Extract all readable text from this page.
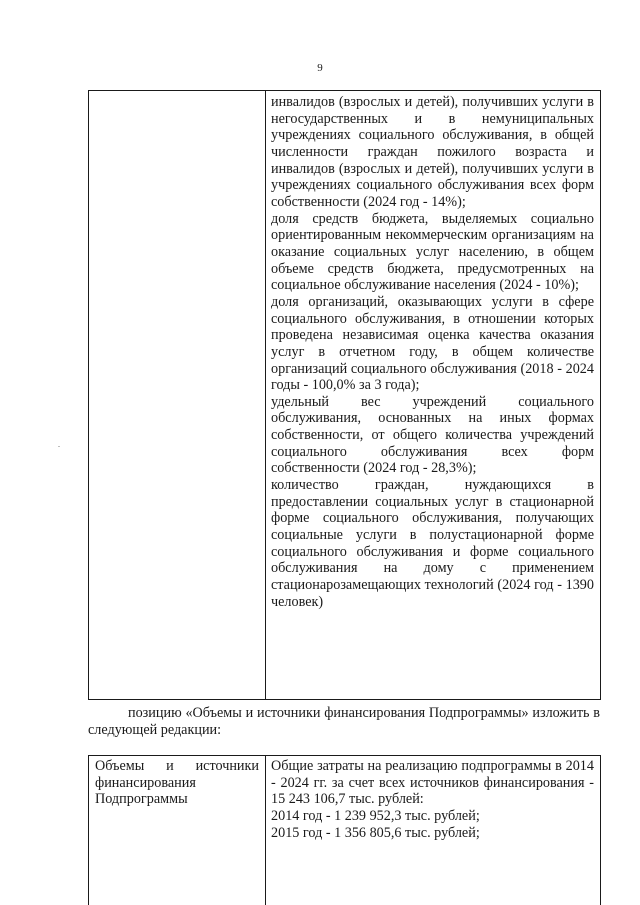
9

инвалидов (взрослых и детей), получивших услуги в негосударственных и в немуниципальных учреждениях социального обслуживания, в общей численности граждан пожилого возраста и инвалидов (взрослых и детей), получивших услуги в учреждениях социального обслуживания всех форм собственности (2024 год - 14%);

доля средств бюджета, выделяемых социально ориентированным некоммерческим организациям на оказание социальных услуг населению, в общем объеме средств бюджета, предусмотренных на социальное обслуживание населения (2024 - 10%);

доля организаций, оказывающих услуги в сфере социального обслуживания, в отношении которых проведена независимая оценка качества оказания услуг в отчетном году, в общем количестве организаций социального обслуживания (2018 - 2024 годы - 100,0% за 3 года);

удельный вес учреждений социального обслуживания, основанных на иных формах собственности, от общего количества учреждений социального обслуживания всех форм собственности (2024 год - 28,3%);

количество граждан, нуждающихся в предоставлении социальных услуг в стационарной форме социального обслуживания, получающих социальные услуги в полустационарной форме социального обслуживания и форме социального обслуживания на дому с применением стационарозамещающих технологий (2024 год - 1390 человек)

позицию «Объемы и источники финансирования Подпрограммы» изложить в следующей редакции:

Объемы и источники финансирования Подпрограммы

Общие затраты на реализацию подпрограммы в 2014 - 2024 гг. за счет всех источников финансирования - 15 243 106,7 тыс. рублей:

2014 год - 1 239 952,3 тыс. рублей;

2015 год - 1 356 805,6 тыс. рублей;

.
